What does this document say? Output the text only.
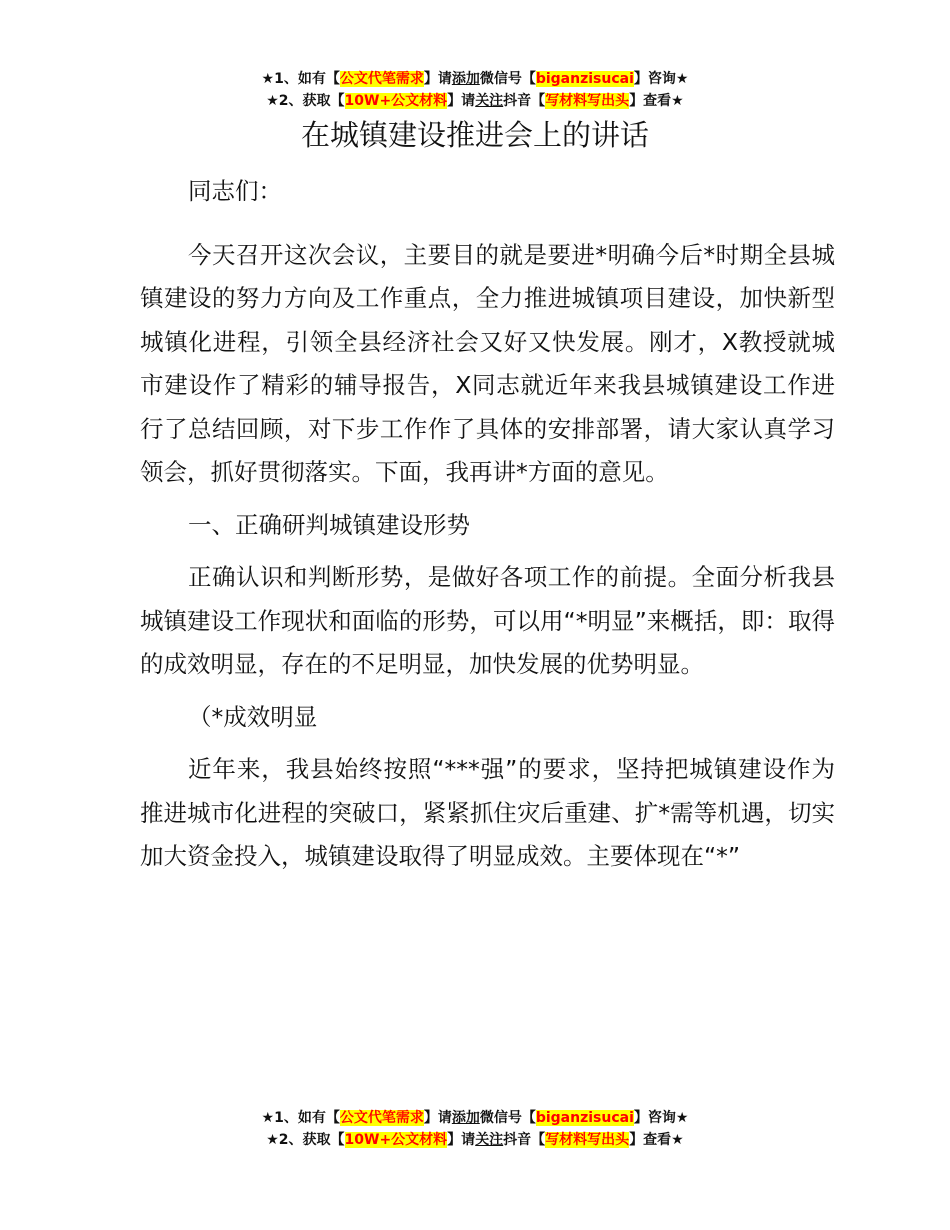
★1、如有【公文代笔需求】请添加微信号【biganzisucai】咨询★
★2、获取【10W+公文材料】请关注抖音【写材料写出头】查看★
在城镇建设推进会上的讲话

同志们：

今天召开这次会议，主要目的就是要进*明确今后*时期全县城镇建设的努力方向及工作重点，全力推进城镇项目建设，加快新型城镇化进程，引领全县经济社会又好又快发展。刚才，X教授就城市建设作了精彩的辅导报告，X同志就近年来我县城镇建设工作进行了总结回顾，对下步工作作了具体的安排部署，请大家认真学习领会，抓好贯彻落实。下面，我再讲*方面的意见。

一、正确研判城镇建设形势

正确认识和判断形势，是做好各项工作的前提。全面分析我县城镇建设工作现状和面临的形势，可以用“*明显”来概括，即：取得的成效明显，存在的不足明显，加快发展的优势明显。

（*成效明显

近年来，我县始终按照“***强”的要求，坚持把城镇建设作为推进城市化进程的突破口，紧紧抓住灾后重建、扩*需等机遇，切实加大资金投入，城镇建设取得了明显成效。主要体现在“*”

★1、如有【公文代笔需求】请添加微信号【biganzisucai】咨询★
★2、获取【10W+公文材料】请关注抖音【写材料写出头】查看★
